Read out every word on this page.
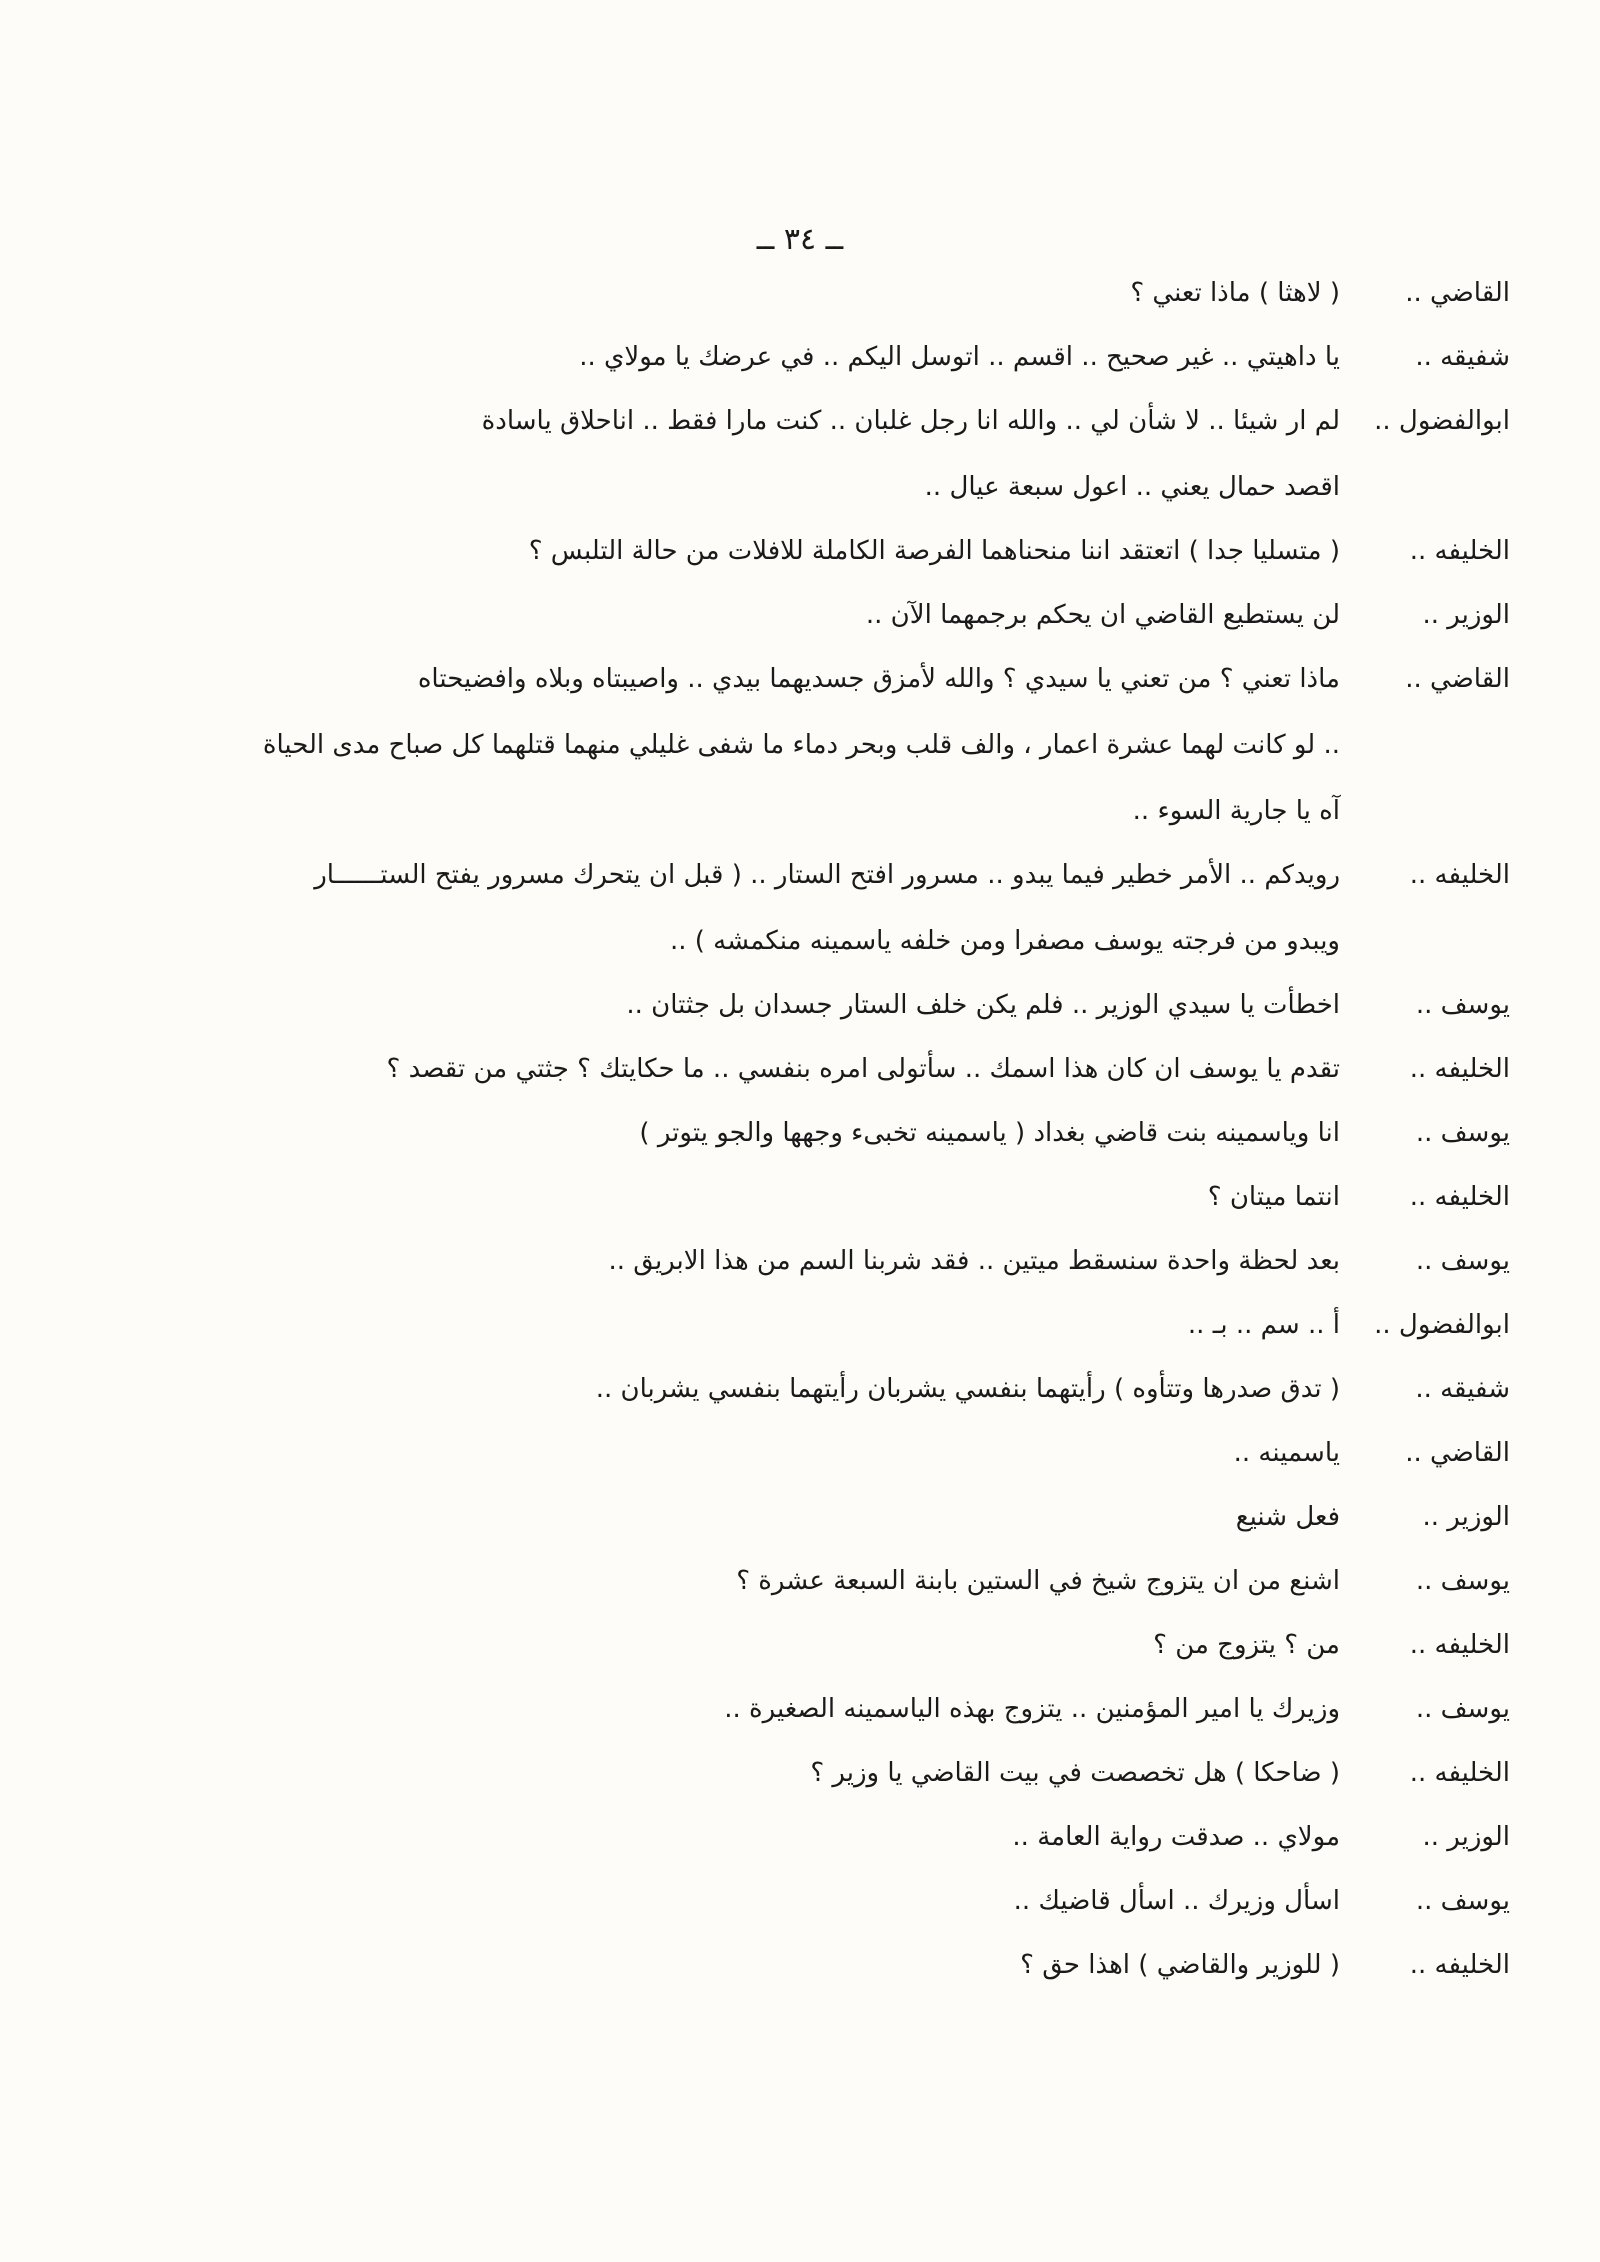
ــ ٣٤ ــ
القاضي ..
( لاهثا ) ماذا تعني ؟
شفيقه ..
يا داهيتي .. غير صحيح .. اقسم .. اتوسل اليكم .. في عرضك يا مولاي ..
ابوالفضول ..
لم ار شيئا .. لا شأن لي .. والله انا رجل غلبان .. كنت مارا فقط .. اناحلاق ياسادة
اقصد حمال يعني .. اعول سبعة عيال ..
الخليفه ..
( متسليا جدا ) اتعتقد اننا منحناهما الفرصة الكاملة للافلات من حالة التلبس ؟
الوزير ..
لن يستطيع القاضي ان يحكم برجمهما الآن ..
القاضي ..
ماذا تعني ؟ من تعني يا سيدي ؟ والله لأمزق جسديهما بيدي .. واصيبتاه وبلاه وافضيحتاه
.. لو كانت لهما عشرة اعمار ، والف قلب وبحر دماء ما شفى غليلي منهما قتلهما كل صباح مدى الحياة
آه يا جارية السوء ..
الخليفه ..
رويدكم .. الأمر خطير فيما يبدو .. مسرور افتح الستار .. ( قبل ان يتحرك مسرور يفتح الستــــــار
ويبدو من فرجته يوسف مصفرا ومن خلفه ياسمينه منكمشه ) ..
يوسف ..
اخطأت يا سيدي الوزير .. فلم يكن خلف الستار جسدان بل جثتان ..
الخليفه ..
تقدم يا يوسف ان كان هذا اسمك .. سأتولى امره بنفسي .. ما حكايتك ؟ جثتي من تقصد ؟
يوسف ..
انا وياسمينه بنت قاضي بغداد ( ياسمينه تخبىء وجهها والجو يتوتر )
الخليفه ..
انتما ميتان ؟
يوسف ..
بعد لحظة واحدة سنسقط ميتين .. فقد شربنا السم من هذا الابريق ..
ابوالفضول ..
أ .. سم .. بـ ..
شفيقه ..
( تدق صدرها وتتأوه ) رأيتهما بنفسي يشربان رأيتهما بنفسي يشربان ..
القاضي ..
ياسمينه ..
الوزير ..
فعل شنيع
يوسف ..
اشنع من ان يتزوج شيخ في الستين بابنة السبعة عشرة ؟
الخليفه ..
من ؟ يتزوج من ؟
يوسف ..
وزيرك يا امير المؤمنين .. يتزوج بهذه الياسمينه الصغيرة ..
الخليفه ..
( ضاحكا ) هل تخصصت في بيت القاضي يا وزير ؟
الوزير ..
مولاي .. صدقت رواية العامة ..
يوسف ..
اسأل وزيرك .. اسأل قاضيك ..
الخليفه ..
( للوزير والقاضي ) اهذا حق ؟
